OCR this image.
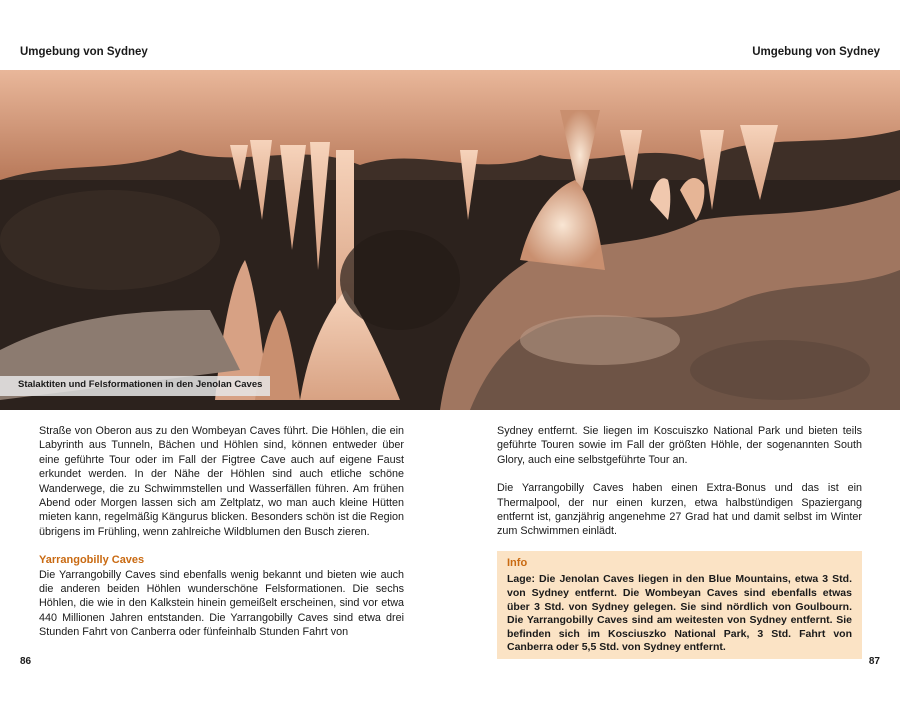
Umgebung von Sydney	Umgebung von Sydney
Stalaktiten und Felsformationen in den Jenolan Caves

Straße von Oberon aus zu den Wombeyan Caves führt. Die Höhlen, die ein Labyrinth aus Tunneln, Bächen und Höhlen sind, können entweder über eine geführte Tour oder im Fall der Figtree Cave auch auf eigene Faust erkundet werden. In der Nähe der Höhlen sind auch etliche schöne Wanderwege, die zu Schwimmstellen und Wasserfällen führen. Am frühen Abend oder Morgen lassen sich am Zeltplatz, wo man auch kleine Hütten mieten kann, regelmäßig Kängurus blicken. Besonders schön ist die Region übrigens im Frühling, wenn zahlreiche Wildblumen den Busch zieren.

Yarrangobilly Caves

Die Yarrangobilly Caves sind ebenfalls wenig bekannt und bieten wie auch die anderen beiden Höhlen wunderschöne Felsformationen. Die sechs Höhlen, die wie in den Kalkstein hinein gemeißelt erscheinen, sind vor etwa 440 Millionen Jahren entstanden. Die Yarrangobilly Caves sind etwa drei Stunden Fahrt von Canberra oder fünfeinhalb Stunden Fahrt von

Sydney entfernt. Sie liegen im Koscuiszko National Park und bieten teils geführte Touren sowie im Fall der größten Höhle, der sogenannten South Glory, auch eine selbstgeführte Tour an.

Die Yarrangobilly Caves haben einen Extra-Bonus und das ist ein Thermalpool, der nur einen kurzen, etwa halbstündigen Spaziergang entfernt ist, ganzjährig angenehme 27 Grad hat und damit selbst im Winter zum Schwimmen einlädt.

Info
Lage: Die Jenolan Caves liegen in den Blue Mountains, etwa 3 Std. von Sydney entfernt. Die Wombeyan Caves sind ebenfalls etwas über 3 Std. von Sydney gelegen. Sie sind nördlich von Goulbourn. Die Yarrangobilly Caves sind am weitesten von Sydney entfernt. Sie befinden sich im Kosciuszko National Park, 3 Std. Fahrt von Canberra oder 5,5 Std. von Sydney entfernt.
86	87
